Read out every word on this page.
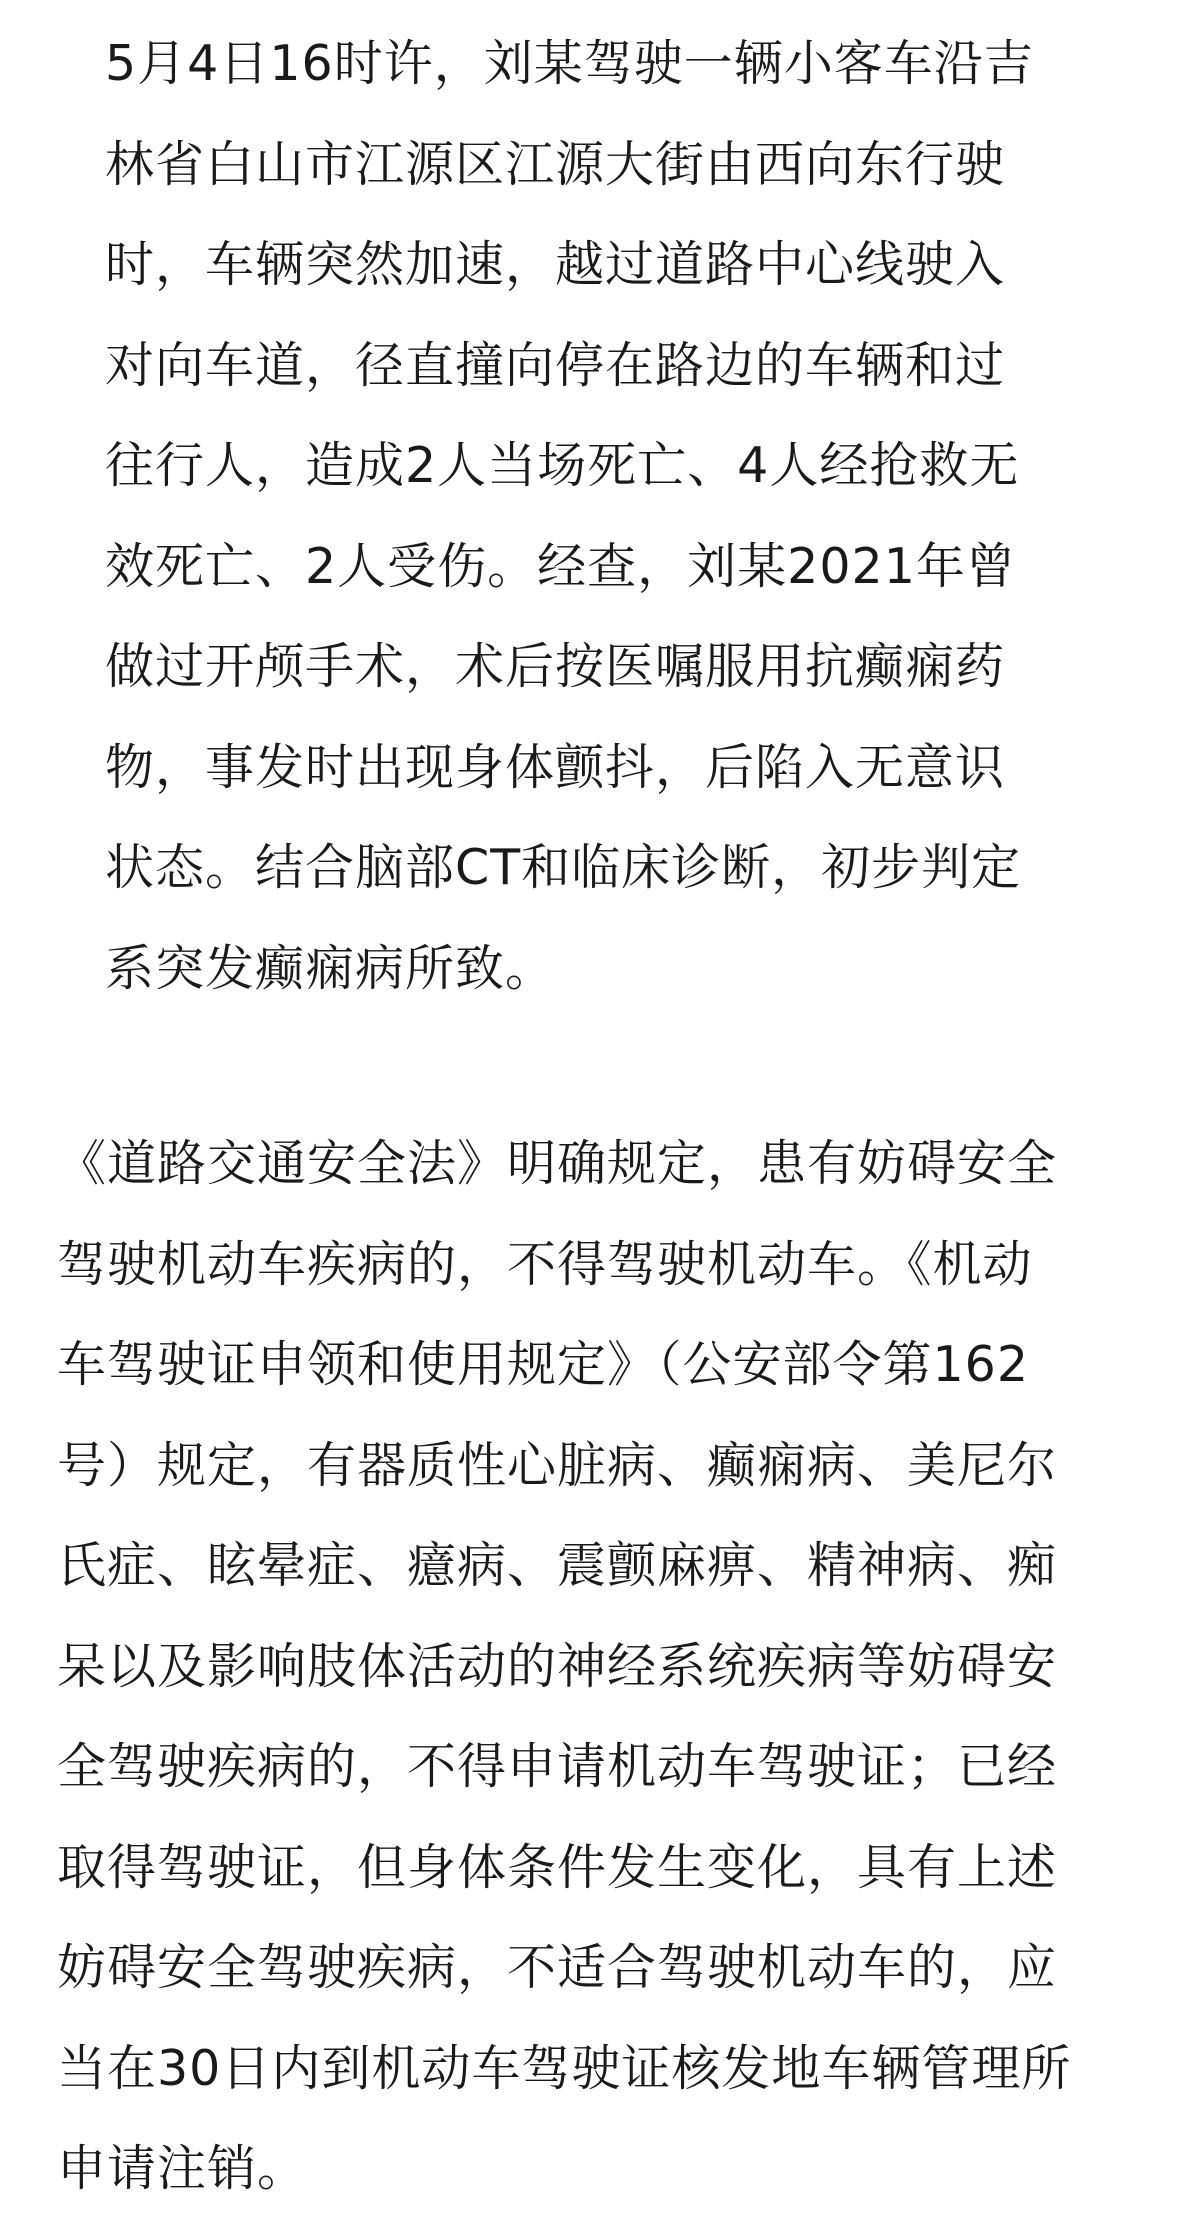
5月4日16时许，刘某驾驶一辆小客车沿吉
林省白山市江源区江源大街由西向东行驶
时，车辆突然加速，越过道路中心线驶入
对向车道，径直撞向停在路边的车辆和过
往行人，造成2人当场死亡、4人经抢救无
效死亡、2人受伤。经查，刘某2021年曾
做过开颅手术，术后按医嘱服用抗癫痫药
物，事发时出现身体颤抖，后陷入无意识
状态。结合脑部CT和临床诊断，初步判定
系突发癫痫病所致。

《道路交通安全法》明确规定，患有妨碍安全
驾驶机动车疾病的，不得驾驶机动车。《机动
车驾驶证申领和使用规定》（公安部令第162
号）规定，有器质性心脏病、癫痫病、美尼尔
氏症、眩晕症、癔病、震颤麻痹、精神病、痴
呆以及影响肢体活动的神经系统疾病等妨碍安
全驾驶疾病的，不得申请机动车驾驶证；已经
取得驾驶证，但身体条件发生变化，具有上述
妨碍安全驾驶疾病，不适合驾驶机动车的，应
当在30日内到机动车驾驶证核发地车辆管理所
申请注销。
